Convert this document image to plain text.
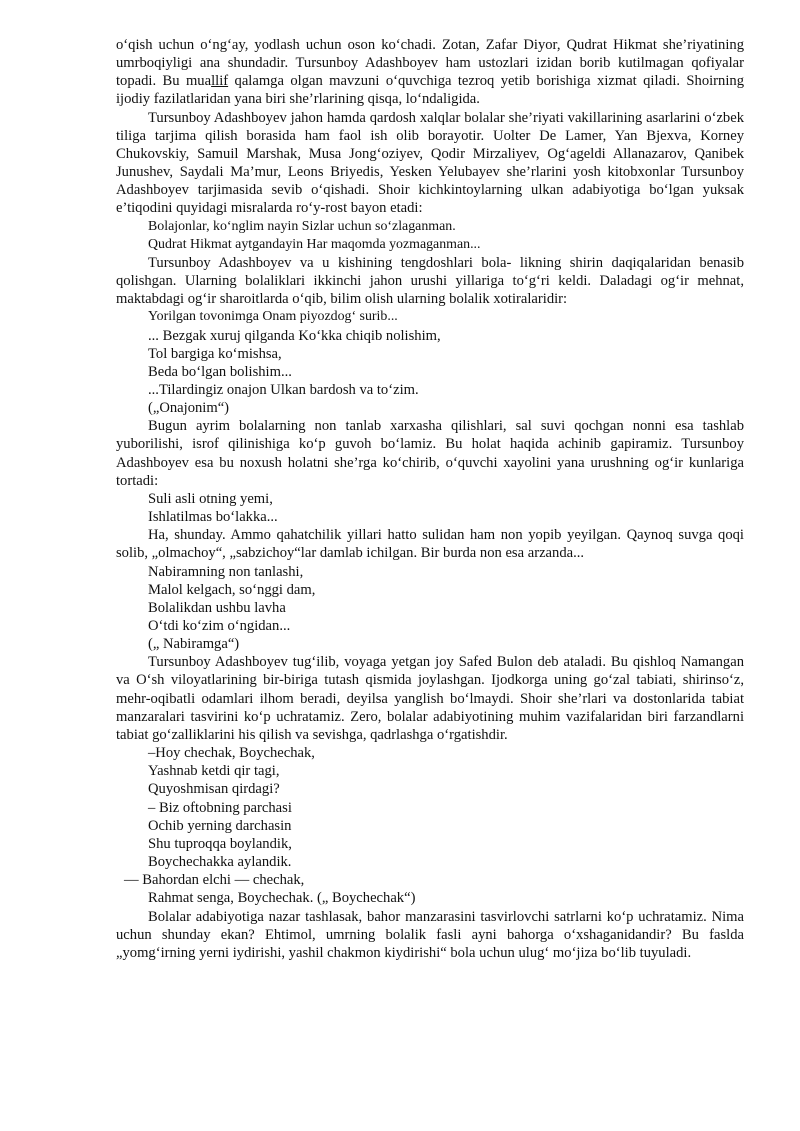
o‘qish uchun o‘ng‘ay, yodlash uchun oson ko‘chadi. Zotan, Zafar Diyor, Qudrat Hikmat she’riyatining umrboqiyligi ana shundadir. Tursunboy Adashboyev ham ustozlari izidan borib kutilmagan qofiyalar topadi. Bu muallif qalamga olgan mavzuni o‘quvchiga tezroq yetib borishiga xizmat qiladi. Shoirning ijodiy fazilatlaridan yana biri she’rlarining qisqa, lo‘ndaligida.
Tursunboy Adashboyev jahon hamda qardosh xalqlar bolalar she’riyati vakillarining asarlarini o‘zbek tiliga tarjima qilish borasida ham faol ish olib borayotir. Uolter De Lamer, Yan Bjexva, Korney Chukovskiy, Samuil Marshak, Musa Jong‘oziyev, Qodir Mirzaliyev, Og‘ageldi Allanazarov, Qanibek Junushev, Saydali Ma’mur, Leons Briyedis, Yesken Yelubayev she’rlarini yosh kitobxonlar Tursunboy Adashboyev tarjimasida sevib o‘qishadi. Shoir kichkintoylarning ulkan adabiyotiga bo‘lgan yuksak e’tiqodini quyidagi misralarda ro‘y-rost bayon etadi:
Bolajonlar, ko‘nglim nayin Sizlar uchun so‘zlaganman.
Qudrat Hikmat aytgandayin Har maqomda yozmaganman...
Tursunboy Adashboyev va u kishining tengdoshlari bola- likning shirin daqiqalaridan benasib qolishgan. Ularning bolaliklari ikkinchi jahon urushi yillariga to‘g‘ri keldi. Daladagi og‘ir mehnat, maktabdagi og‘ir sharoitlarda o‘qib, bilim olish ularning bolalik xotiralaridir:
Yorilgan tovonimga Onam piyozdog‘ surib...
... Bezgak xuruj qilganda Ko‘kka chiqib nolishim,
Tol bargiga ko‘mishsa,
Beda bo‘lgan bolishim...
...Tilardingiz onajon Ulkan bardosh va to‘zim.
(„Onajonim“)
Bugun ayrim bolalarning non tanlab xarxasha qilishlari, sal suvi qochgan nonni esa tashlab yuborilishi, isrof qilinishiga ko‘p guvoh bo‘lamiz. Bu holat haqida achinib gapiramiz. Tursunboy Adashboyev esa bu noxush holatni she’rga ko‘chirib, o‘quvchi xayolini yana urushning og‘ir kunlariga tortadi:
Suli asli otning yemi,
Ishlatilmas bo‘lakka...
Ha, shunday. Ammo qahatchilik yillari hatto sulidan ham non yopib yeyilgan. Qaynoq suvga qoqi solib, „olmachoy“, „sabzichoy“lar damlab ichilgan. Bir burda non esa arzanda...
Nabiramning non tanlashi,
Malol kelgach, so‘nggi dam,
Bolalikdan ushbu lavha
O‘tdi ko‘zim o‘ngidan...
(„ Nabiramga“)
Tursunboy Adashboyev tug‘ilib, voyaga yetgan joy Safed Bulon deb ataladi. Bu qishloq Namangan va O‘sh viloyatlarining bir-biriga tutash qismida joylashgan. Ijodkorga uning go‘zal tabiati, shirinso‘z, mehr-oqibatli odamlari ilhom beradi, deyilsa yanglish bo‘lmaydi. Shoir she’rlari va dostonlarida tabiat manzaralari tasvirini ko‘p uchratamiz. Zero, bolalar adabiyotining muhim vazifalaridan biri farzandlarni tabiat go‘zalliklarini his qilish va sevishga, qadrlashga o‘rgatishdir.
–Hoy chechak, Boychechak,
Yashnab ketdi qir tagi,
Quyoshmisan qirdagi?
– Biz oftobning parchasi
Ochib yerning darchasin
Shu tuproqqa boylandik,
Boychechakka aylandik.
— Bahordan elchi — chechak,
Rahmat senga, Boychechak. („ Boychechak“)
Bolalar adabiyotiga nazar tashlasak, bahor manzarasini tasvirlovchi satrlarni ko‘p uchratamiz. Nima uchun shunday ekan? Ehtimol, umrning bolalik fasli ayni bahorga o‘xshaganidandir? Bu faslda „yomg‘irning yerni iydirishi, yashil chakmon kiydirishi“ bola uchun ulug‘ mo‘jiza bo‘lib tuyuladi.
